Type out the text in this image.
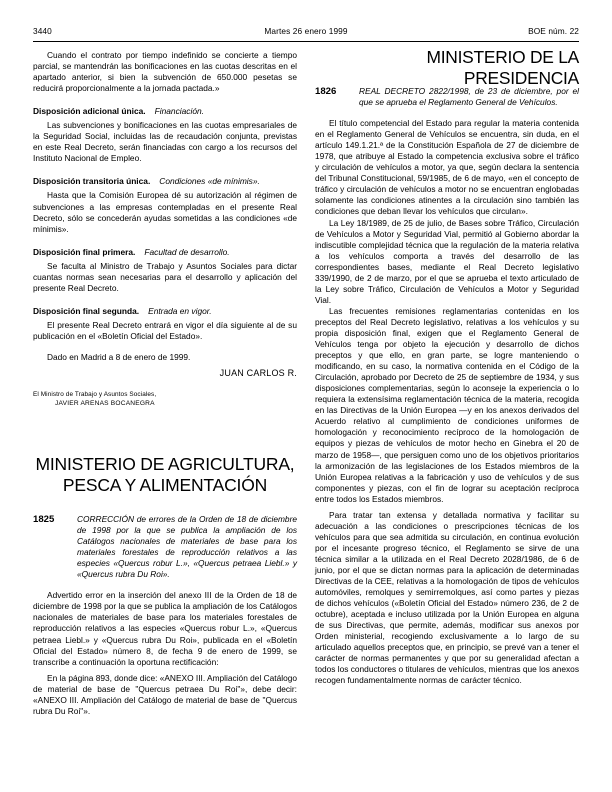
3440	Martes 26 enero 1999	BOE núm. 22

Cuando el contrato por tiempo indefinido se concierte a tiempo parcial, se mantendrán las bonificaciones en las cuotas descritas en el apartado anterior, si bien la subvención de 650.000 pesetas se reducirá proporcionalmente a la jornada pactada.»

Disposición adicional única. Financiación.

Las subvenciones y bonificaciones en las cuotas empresariales de la Seguridad Social, incluidas las de recaudación conjunta, previstas en este Real Decreto, serán financiadas con cargo a los recursos del Instituto Nacional de Empleo.

Disposición transitoria única. Condiciones «de mínimis».

Hasta que la Comisión Europea dé su autorización al régimen de subvenciones a las empresas contempladas en el presente Real Decreto, sólo se concederán ayudas sometidas a las condiciones «de mínimis».

Disposición final primera. Facultad de desarrollo.

Se faculta al Ministro de Trabajo y Asuntos Sociales para dictar cuantas normas sean necesarias para el desarrollo y aplicación del presente Real Decreto.

Disposición final segunda. Entrada en vigor.

El presente Real Decreto entrará en vigor el día siguiente al de su publicación en el «Boletín Oficial del Estado».

Dado en Madrid a 8 de enero de 1999.

JUAN CARLOS R.
El Ministro de Trabajo y Asuntos Sociales,
JAVIER ARENAS BOCANEGRA
MINISTERIO DE AGRICULTURA,
PESCA Y ALIMENTACIÓN
1825	CORRECCIÓN de errores de la Orden de 18 de diciembre de 1998 por la que se publica la ampliación de los Catálogos nacionales de materiales de base para los materiales forestales de reproducción relativos a las especies «Quercus robur L.», «Quercus petraea Liebl.» y «Quercus rubra Du Roi».

Advertido error en la inserción del anexo III de la Orden de 18 de diciembre de 1998 por la que se publica la ampliación de los Catálogos nacionales de materiales de base para los materiales forestales de reproducción relativos a las especies «Quercus robur L.», «Quercus petraea Liebl.» y «Quercus rubra Du Roi», publicada en el «Boletín Oficial del Estado» número 8, de fecha 9 de enero de 1999, se transcribe a continuación la oportuna rectificación:

En la página 893, donde dice: «ANEXO III. Ampliación del Catálogo de material de base de "Quercus petraea Du Roi"», debe decir: «ANEXO III. Ampliación del Catálogo de material de base de "Quercus rubra Du Roi"».

MINISTERIO DE LA PRESIDENCIA
1826	REAL DECRETO 2822/1998, de 23 de diciembre, por el que se aprueba el Reglamento General de Vehículos.

El título competencial del Estado para regular la materia contenida en el Reglamento General de Vehículos se encuentra, sin duda, en el artículo 149.1.21.ª de la Constitución Española de 27 de diciembre de 1978, que atribuye al Estado la competencia exclusiva sobre el tráfico y circulación de vehículos a motor, ya que, según declara la sentencia del Tribunal Constitucional, 59/1985, de 6 de mayo, «en el concepto de tráfico y circulación de vehículos a motor no se encuentran englobadas solamente las condiciones atinentes a la circulación sino también las condiciones que deban llevar los vehículos que circulan».

La Ley 18/1989, de 25 de julio, de Bases sobre Tráfico, Circulación de Vehículos a Motor y Seguridad Vial, permitió al Gobierno abordar la indiscutible complejidad técnica que la regulación de la materia relativa a los vehículos comporta a través del desarrollo de las correspondientes bases, mediante el Real Decreto legislativo 339/1990, de 2 de marzo, por el que se aprueba el texto articulado de la Ley sobre Tráfico, Circulación de Vehículos a Motor y Seguridad Vial.

Las frecuentes remisiones reglamentarias contenidas en los preceptos del Real Decreto legislativo, relativas a los vehículos y su propia disposición final, exigen que el Reglamento General de Vehículos tenga por objeto la ejecución y desarrollo de dichos preceptos y que ello, en gran parte, se logre manteniendo o modificando, en su caso, la normativa contenida en el Código de la Circulación, aprobado por Decreto de 25 de septiembre de 1934, y sus disposiciones complementarias, según lo aconseje la experiencia o lo requiera la extensísima reglamentación técnica de la materia, recogida en las Directivas de la Unión Europea —y en los anexos derivados del Acuerdo relativo al cumplimiento de condiciones uniformes de homologación y reconocimiento recíproco de la homologación de equipos y piezas de vehículos de motor hecho en Ginebra el 20 de marzo de 1958—, que persiguen como uno de los objetivos prioritarios la armonización de las legislaciones de los Estados miembros de la Unión Europea relativas a la fabricación y uso de vehículos y de sus componentes y piezas, con el fin de lograr su aceptación recíproca entre todos los Estados miembros.

Para tratar tan extensa y detallada normativa y facilitar su adecuación a las condiciones o prescripciones técnicas de los vehículos para que sea admitida su circulación, en continua evolución por el incesante progreso técnico, el Reglamento se sirve de una técnica similar a la utilizada en el Real Decreto 2028/1986, de 6 de junio, por el que se dictan normas para la aplicación de determinadas Directivas de la CEE, relativas a la homologación de tipos de vehículos automóviles, remolques y semirremolques, así como partes y piezas de dichos vehículos («Boletín Oficial del Estado» número 236, de 2 de octubre), aceptada e incluso utilizada por la Unión Europea en alguna de sus Directivas, que permite, además, modificar sus anexos por Orden ministerial, recogiendo exclusivamente a lo largo de su articulado aquellos preceptos que, en principio, se prevé van a tener el carácter de normas permanentes y que por su generalidad afectan a todos los conductores o titulares de vehículos, mientras que los anexos recogen fundamentalmente normas de carácter técnico.
